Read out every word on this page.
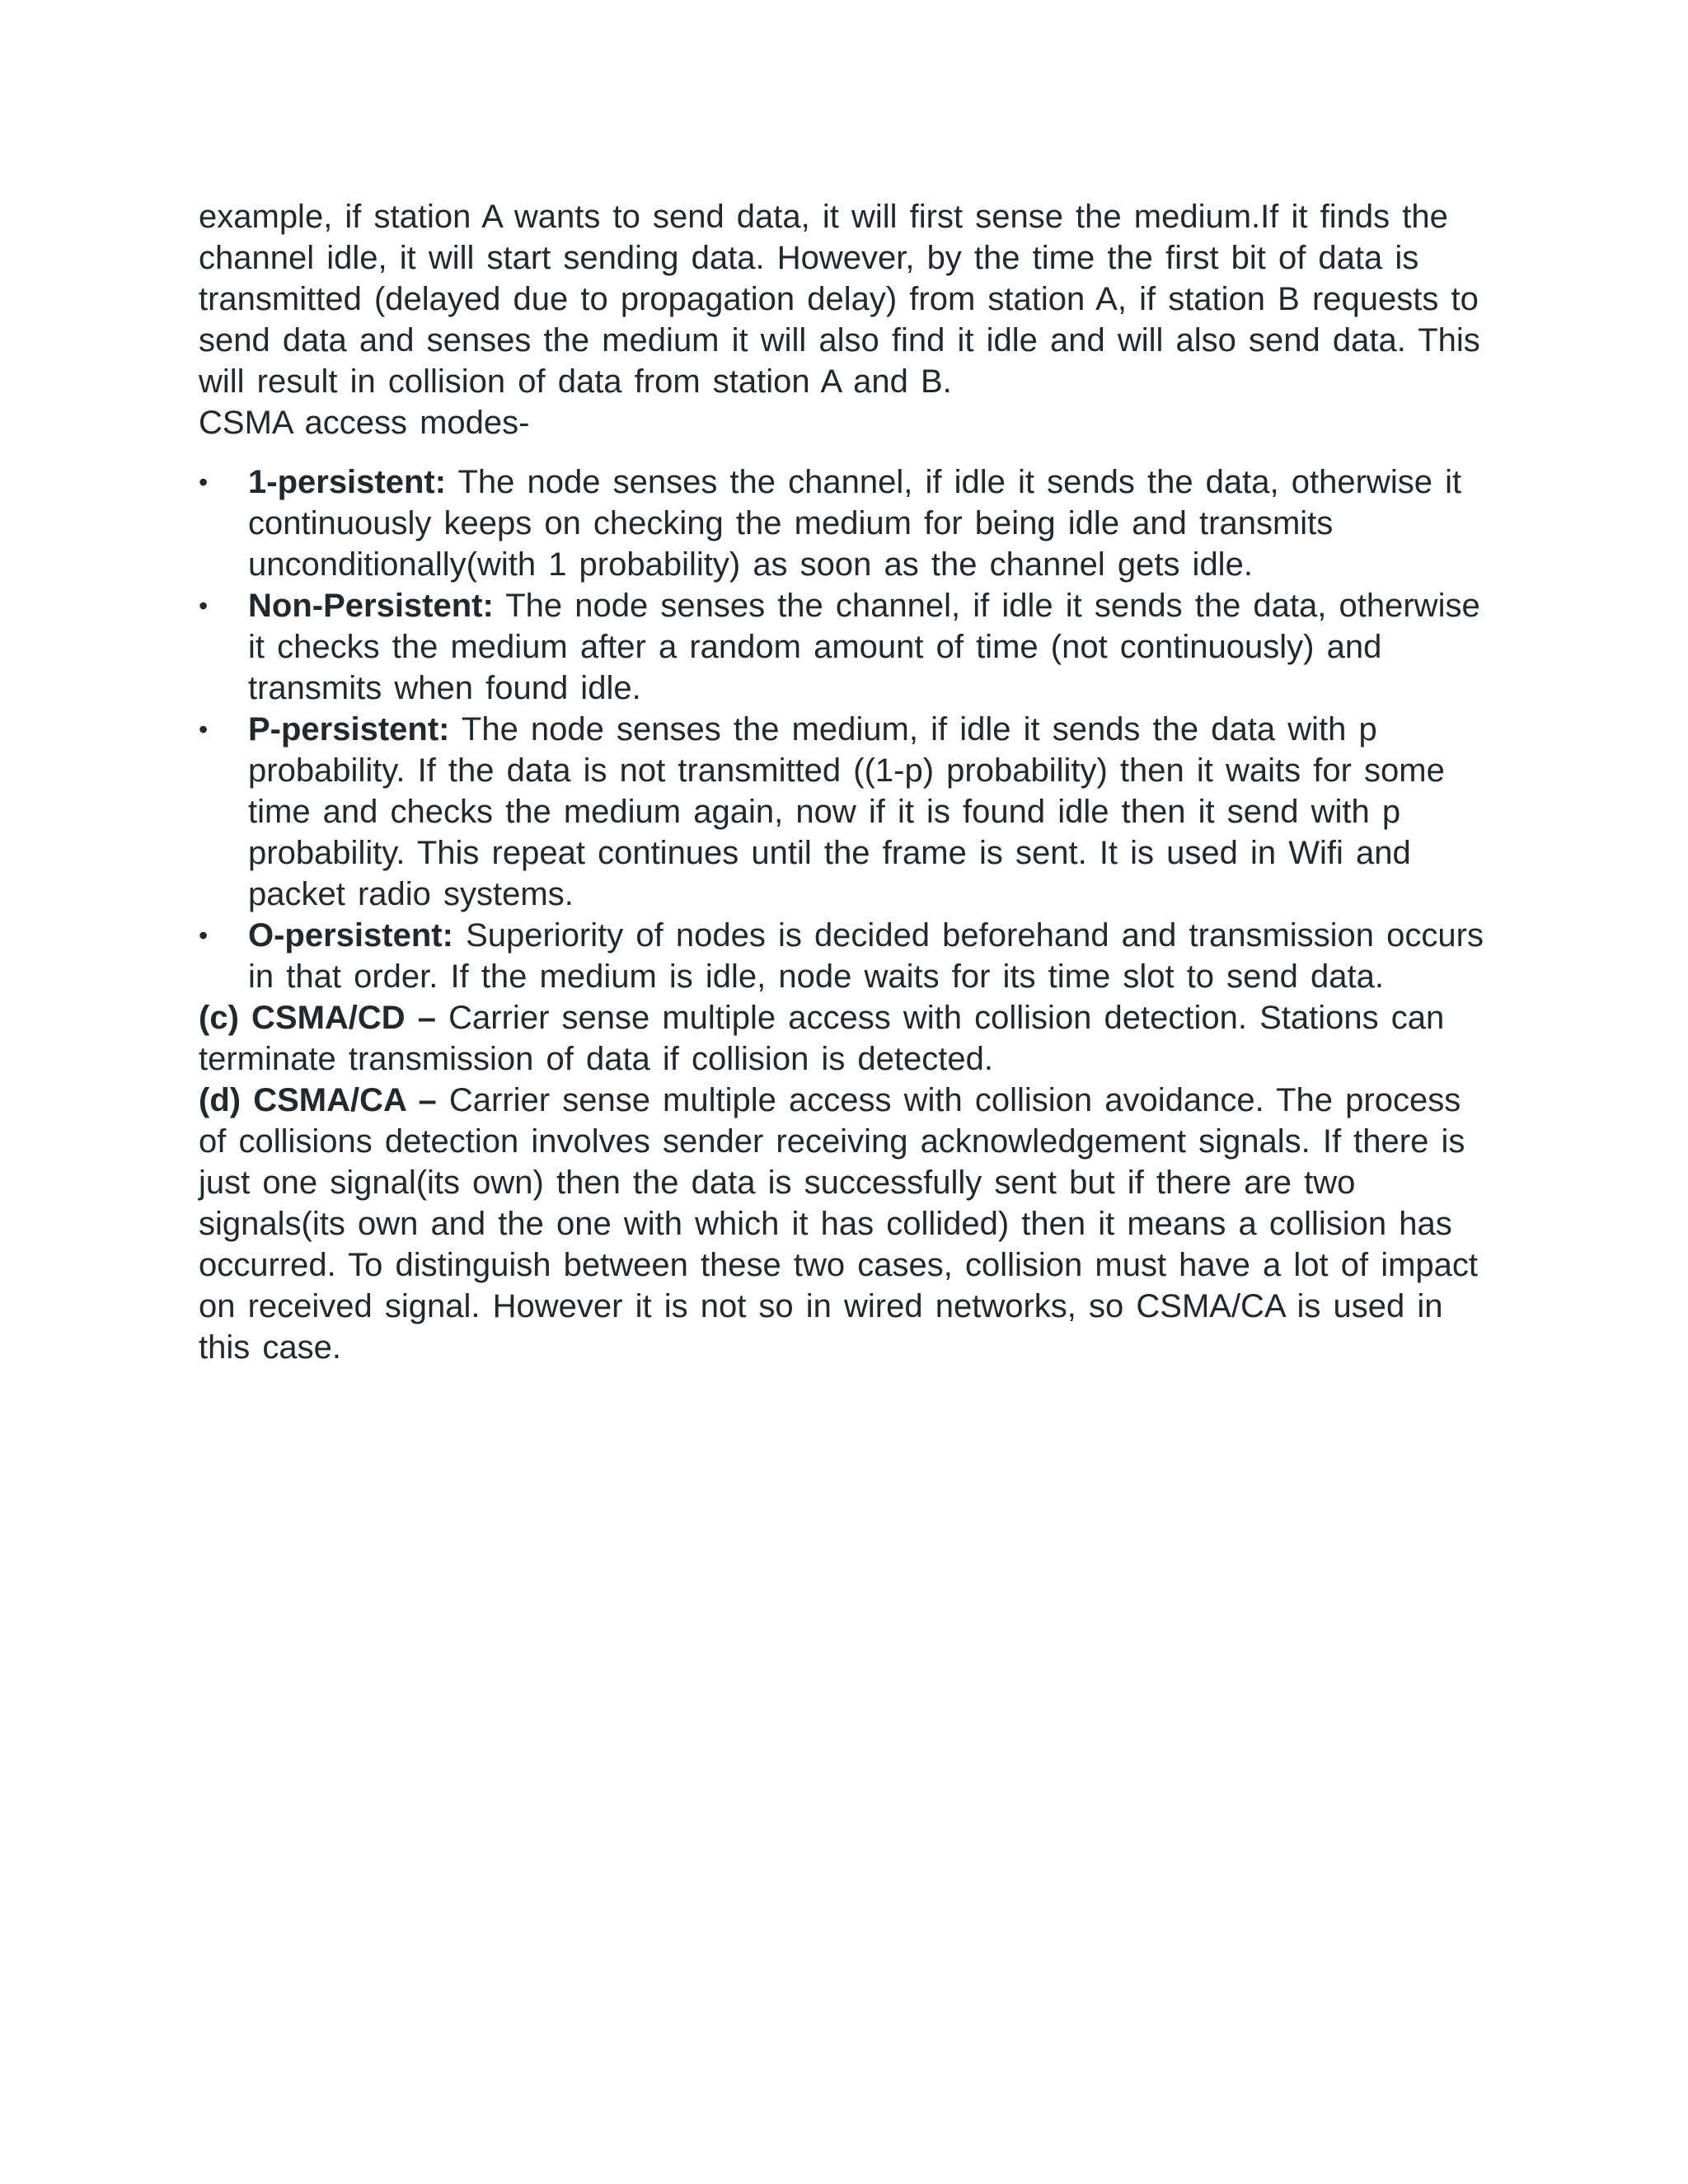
example, if station A wants to send data, it will first sense the medium.If it finds the channel idle, it will start sending data. However, by the time the first bit of data is transmitted (delayed due to propagation delay) from station A, if station B requests to send data and senses the medium it will also find it idle and will also send data. This will result in collision of data from station A and B.

CSMA access modes-

•	1-persistent: The node senses the channel, if idle it sends the data, otherwise it continuously keeps on checking the medium for being idle and transmits unconditionally(with 1 probability) as soon as the channel gets idle.
•	Non-Persistent: The node senses the channel, if idle it sends the data, otherwise it checks the medium after a random amount of time (not continuously) and transmits when found idle.
•	P-persistent: The node senses the medium, if idle it sends the data with p probability. If the data is not transmitted ((1-p) probability) then it waits for some time and checks the medium again, now if it is found idle then it send with p probability. This repeat continues until the frame is sent. It is used in Wifi and packet radio systems.
•	O-persistent: Superiority of nodes is decided beforehand and transmission occurs in that order. If the medium is idle, node waits for its time slot to send data.

(c) CSMA/CD – Carrier sense multiple access with collision detection. Stations can terminate transmission of data if collision is detected.

(d) CSMA/CA – Carrier sense multiple access with collision avoidance. The process of collisions detection involves sender receiving acknowledgement signals. If there is just one signal(its own) then the data is successfully sent but if there are two signals(its own and the one with which it has collided) then it means a collision has occurred. To distinguish between these two cases, collision must have a lot of impact on received signal. However it is not so in wired networks, so CSMA/CA is used in this case.
